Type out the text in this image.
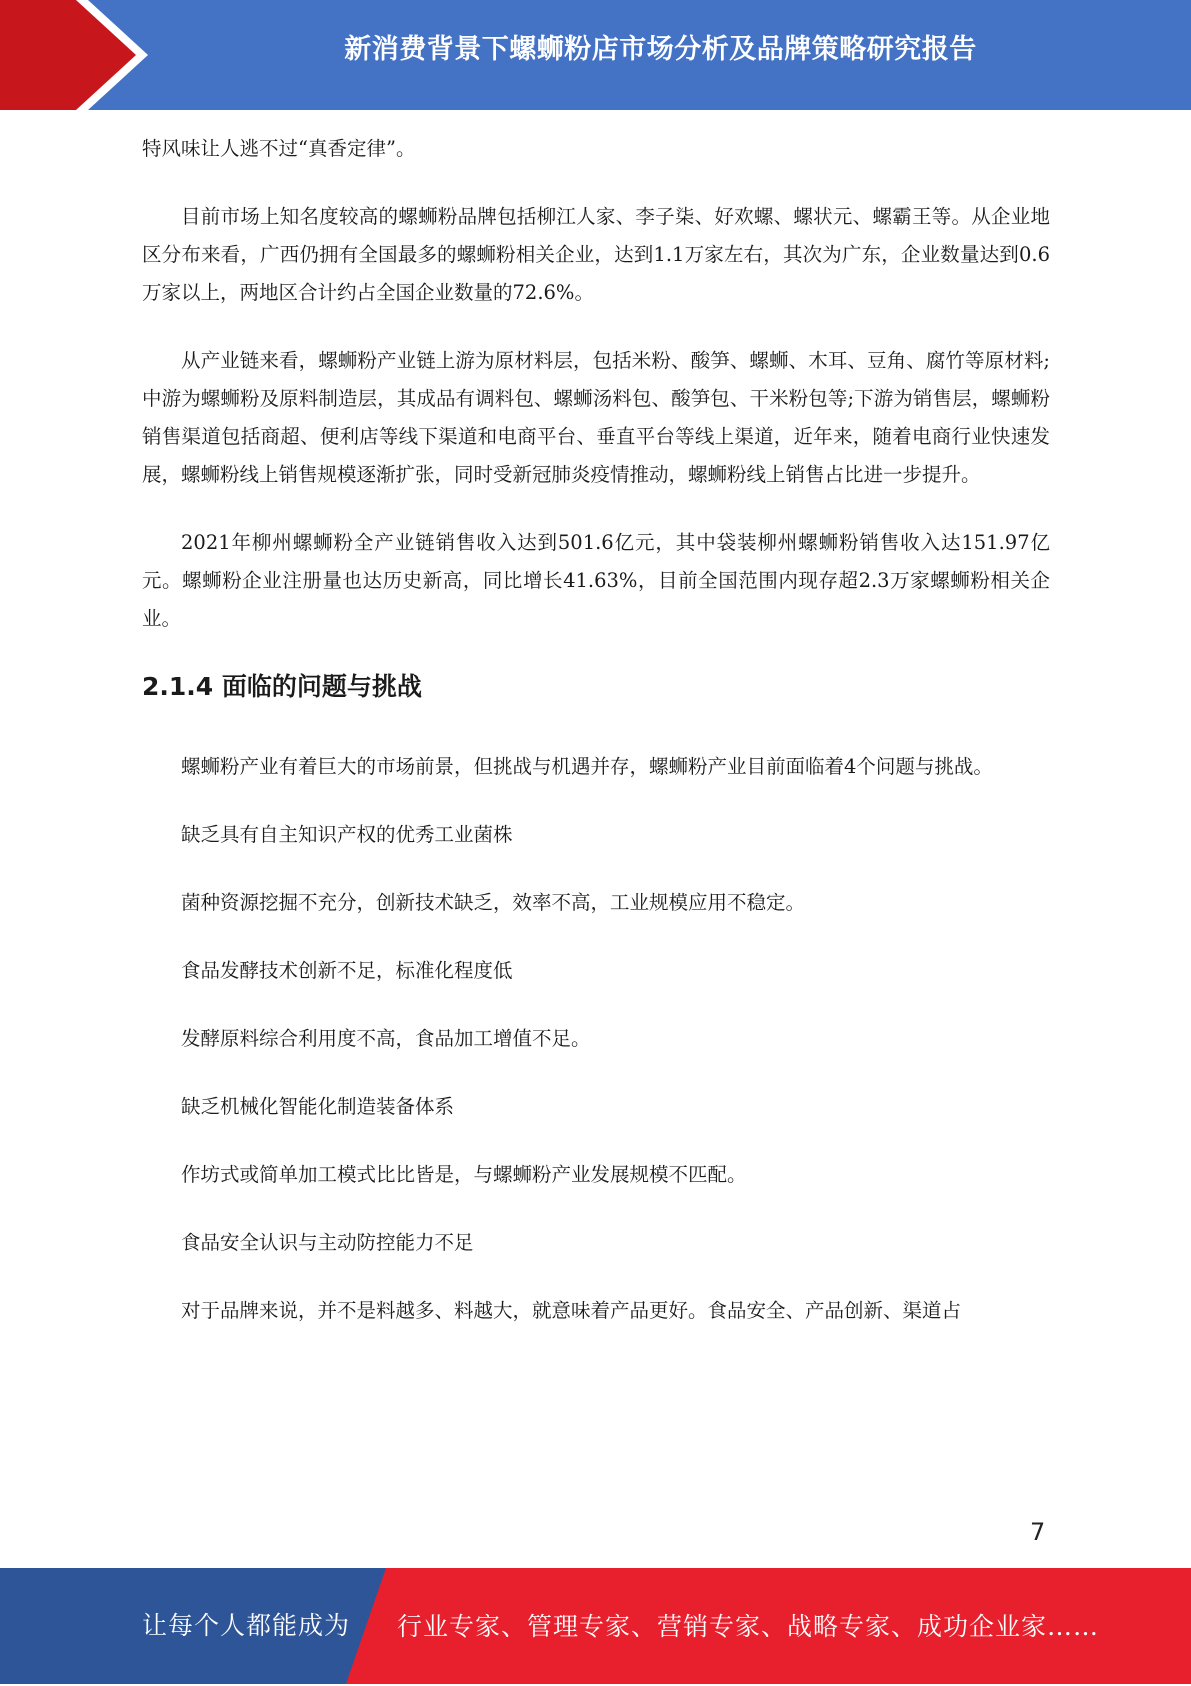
新消费背景下螺蛳粉店市场分析及品牌策略研究报告

特风味让人逃不过“真香定律”。

目前市场上知名度较高的螺蛳粉品牌包括柳江人家、李子柒、好欢螺、螺状元、螺霸王等。从企业地区分布来看，广西仍拥有全国最多的螺蛳粉相关企业，达到1.1万家左右，其次为广东，企业数量达到0.6万家以上，两地区合计约占全国企业数量的72.6%。

从产业链来看，螺蛳粉产业链上游为原材料层，包括米粉、酸笋、螺蛳、木耳、豆角、腐竹等原材料;中游为螺蛳粉及原料制造层，其成品有调料包、螺蛳汤料包、酸笋包、干米粉包等;下游为销售层，螺蛳粉销售渠道包括商超、便利店等线下渠道和电商平台、垂直平台等线上渠道，近年来，随着电商行业快速发展，螺蛳粉线上销售规模逐渐扩张，同时受新冠肺炎疫情推动，螺蛳粉线上销售占比进一步提升。

2021年柳州螺蛳粉全产业链销售收入达到501.6亿元，其中袋装柳州螺蛳粉销售收入达151.97亿元。螺蛳粉企业注册量也达历史新高，同比增长41.63%，目前全国范围内现存超2.3万家螺蛳粉相关企业。

2.1.4 面临的问题与挑战

螺蛳粉产业有着巨大的市场前景，但挑战与机遇并存，螺蛳粉产业目前面临着4个问题与挑战。

缺乏具有自主知识产权的优秀工业菌株

菌种资源挖掘不充分，创新技术缺乏，效率不高，工业规模应用不稳定。

食品发酵技术创新不足，标准化程度低

发酵原料综合利用度不高，食品加工增值不足。

缺乏机械化智能化制造装备体系

作坊式或简单加工模式比比皆是，与螺蛳粉产业发展规模不匹配。

食品安全认识与主动防控能力不足

对于品牌来说，并不是料越多、料越大，就意味着产品更好。食品安全、产品创新、渠道占

7
让每个人都能成为 行业专家、管理专家、营销专家、战略专家、成功企业家……
